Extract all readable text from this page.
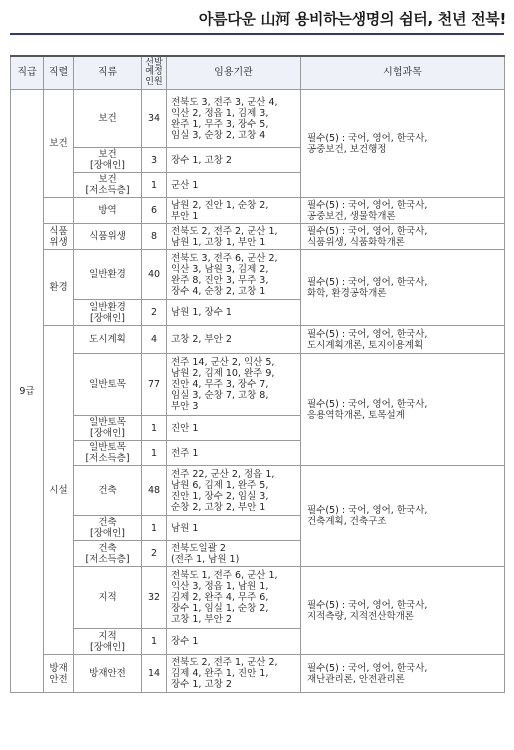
아름다운 山河 용비하는생명의 쉼터, 천년 전북!
직급	직렬	직류	선발
예정
인원	임용기관	시험과목
9급	보건	보건	34	전북도 3, 전주 3, 군산 4,
익산 2, 정읍 1, 김제 3,
완주 1, 무주 3, 장수 5,
임실 3, 순창 2, 고창 4	필수(5) : 국어, 영어, 한국사,
공중보건, 보건행정
		보건
[장애인]	3	장수 1, 고창 2	
		보건
[저소득층]	1	군산 1	
		방역	6	남원 2, 진안 1, 순창 2,
부안 1	필수(5) : 국어, 영어, 한국사,
공중보건, 생물학개론
	식품
위생	식품위생	8	전북도 2, 전주 2, 군산 1,
남원 1, 고창 1, 부안 1	필수(5) : 국어, 영어, 한국사,
식품위생, 식품화학개론
	환경	일반환경	40	전북도 3, 전주 6, 군산 2,
익산 3, 남원 3, 김제 2,
완주 8, 진안 3, 무주 3,
장수 4, 순창 2, 고창 1	필수(5) : 국어, 영어, 한국사,
화학, 환경공학개론
		일반환경
[장애인]	2	남원 1, 장수 1	
	시설	도시계획	4	고창 2, 부안 2	필수(5) : 국어, 영어, 한국사,
도시계획개론, 토지이용계획
		일반토목	77	전주 14, 군산 2, 익산 5,
남원 2, 김제 10, 완주 9,
진안 4, 무주 3, 장수 7,
임실 3, 순창 7, 고창 8,
부안 3	필수(5) : 국어, 영어, 한국사,
응용역학개론, 토목설계
		일반토목
[장애인]	1	진안 1	
		일반토목
[저소득층]	1	전주 1	
		건축	48	전주 22, 군산 2, 정읍 1,
남원 6, 김제 1, 완주 5,
진안 1, 장수 2, 임실 3,
순창 2, 고창 2, 부안 1	필수(5) : 국어, 영어, 한국사,
건축계획, 건축구조
		건축
[장애인]	1	남원 1	
		건축
[저소득층]	2	전북도일괄 2
(전주 1, 남원 1)	
		지적	32	전북도 1, 전주 6, 군산 1,
익산 3, 정읍 1, 남원 1,
김제 2, 완주 4, 무주 6,
장수 1, 임실 1, 순창 2,
고창 1, 부안 2	필수(5) : 국어, 영어, 한국사,
지적측량, 지적전산학개론
		지적
[장애인]	1	장수 1	
	방재
안전	방재안전	14	전북도 2, 전주 1, 군산 2,
김제 4, 완주 1, 진안 1,
장수 1, 고창 2	필수(5) : 국어, 영어, 한국사,
재난관리론, 안전관리론
